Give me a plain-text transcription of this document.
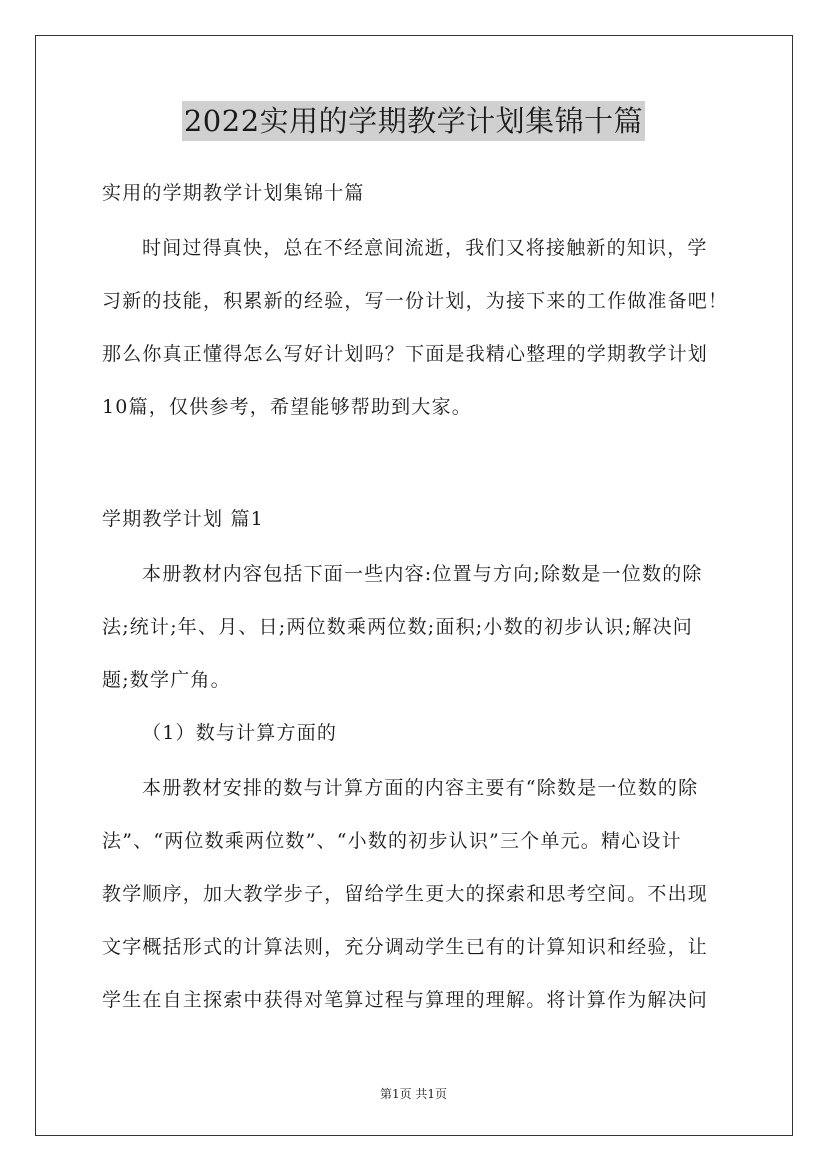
2022实用的学期教学计划集锦十篇
实用的学期教学计划集锦十篇
时间过得真快，总在不经意间流逝，我们又将接触新的知识，学
习新的技能，积累新的经验，写一份计划，为接下来的工作做准备吧！
那么你真正懂得怎么写好计划吗？下面是我精心整理的学期教学计划
10篇，仅供参考，希望能够帮助到大家。
学期教学计划 篇1
本册教材内容包括下面一些内容:位置与方向;除数是一位数的除
法;统计;年、月、日;两位数乘两位数;面积;小数的初步认识;解决问
题;数学广角。
（1）数与计算方面的
本册教材安排的数与计算方面的内容主要有“除数是一位数的除
法”、“两位数乘两位数”、“小数的初步认识”三个单元。精心设计
教学顺序，加大教学步子，留给学生更大的探索和思考空间。不出现
文字概括形式的计算法则，充分调动学生已有的计算知识和经验，让
学生在自主探索中获得对笔算过程与算理的理解。将计算作为解决问
第1页 共1页
